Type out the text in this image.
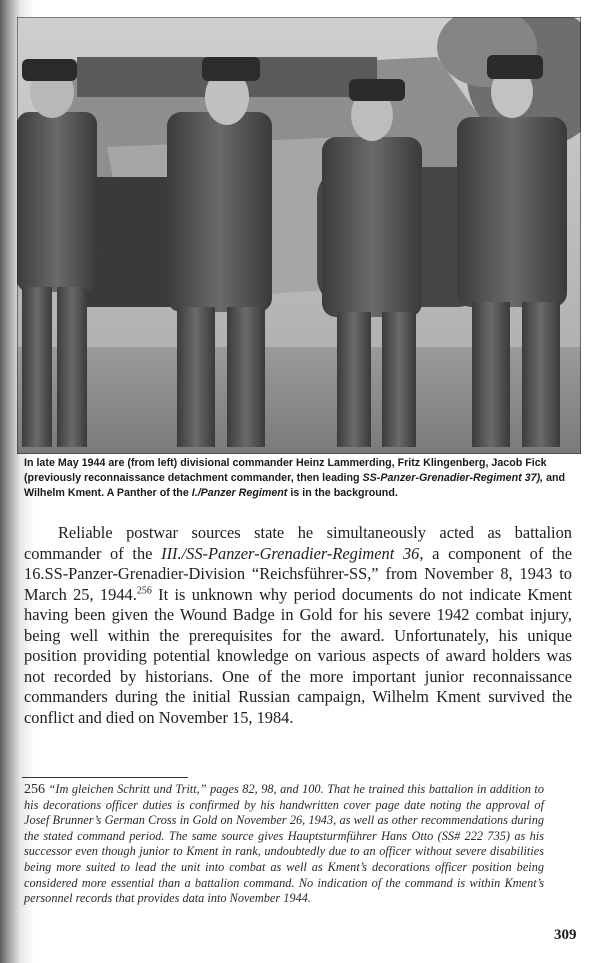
In late May 1944 are (from left) divisional commander Heinz Lammerding, Fritz Klingenberg, Jacob Fick (previously reconnaissance detachment commander, then leading SS-Panzer-Grenadier-Regiment 37), and Wilhelm Kment. A Panther of the I./Panzer Regiment is in the background.

Reliable postwar sources state he simultaneously acted as battalion commander of the III./SS-Panzer-Grenadier-Regiment 36, a component of the 16.SS-Panzer-Grenadier-Division “Reichsführer-SS,” from November 8, 1943 to March 25, 1944.$^{256}$ It is unknown why period documents do not indicate Kment having been given the Wound Badge in Gold for his severe 1942 combat injury, being well within the prerequisites for the award. Unfortunately, his unique position providing potential knowledge on various aspects of award holders was not recorded by historians. One of the more important junior reconnaissance commanders during the initial Russian campaign, Wilhelm Kment survived the conflict and died on November 15, 1984.

256 “Im gleichen Schritt und Tritt,” pages 82, 98, and 100. That he trained this battalion in addition to his decorations officer duties is confirmed by his handwritten cover page date noting the approval of Josef Brunner’s German Cross in Gold on November 26, 1943, as well as other recommendations during the stated command period. The same source gives Hauptsturmführer Hans Otto (SS# 222 735) as his successor even though junior to Kment in rank, undoubtedly due to an officer without severe disabilities being more suited to lead the unit into combat as well as Kment’s decorations officer position being considered more essential than a battalion command. No indication of the command is within Kment’s personnel records that provides data into November 1944.
309
